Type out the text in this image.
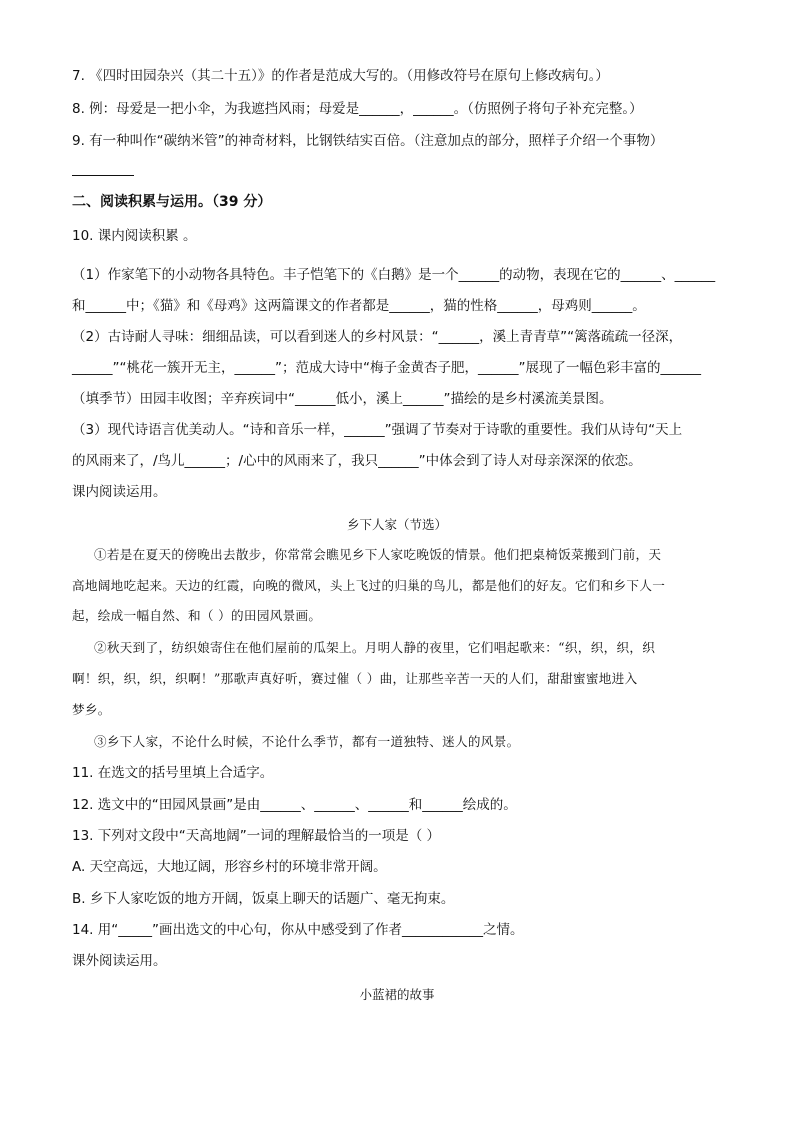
7. 《四时田园杂兴（其二十五）》的作者是范成大写的。（用修改符号在原句上修改病句。）
8. 例：母爱是一把小伞，为我遮挡风雨；母爱是______，______。（仿照例子将句子补充完整。）
9. 有一种叫作“碳纳米管”的神奇材料，比钢铁结实百倍。（注意加点的部分，照样子介绍一个事物）
二、阅读积累与运用。（39 分）
10. 课内阅读积累 。
（1）作家笔下的小动物各具特色。丰子恺笔下的《白鹅》是一个______的动物，表现在它的______、______
和______中；《猫》和《母鸡》这两篇课文的作者都是______，猫的性格______，母鸡则______。
（2）古诗耐人寻味：细细品读，可以看到迷人的乡村风景：“______，溪上青青草”“篱落疏疏一径深，
______”“桃花一簇开无主，______”；范成大诗中“梅子金黄杏子肥，______”展现了一幅色彩丰富的______
（填季节）田园丰收图；辛弃疾词中“______低小，溪上______”描绘的是乡村溪流美景图。
（3）现代诗语言优美动人。“诗和音乐一样，______”强调了节奏对于诗歌的重要性。我们从诗句“天上
的风雨来了，/鸟儿______；/心中的风雨来了，我只______”中体会到了诗人对母亲深深的依恋。
课内阅读运用。
乡下人家（节选）
①若是在夏天的傍晚出去散步，你常常会瞧见乡下人家吃晚饭的情景。他们把桌椅饭菜搬到门前，天
高地阔地吃起来。天边的红霞，向晚的微风，头上飞过的归巢的鸟儿，都是他们的好友。它们和乡下人一
起，绘成一幅自然、和（ ）的田园风景画。
②秋天到了，纺织娘寄住在他们屋前的瓜架上。月明人静的夜里，它们唱起歌来：“织，织，织，织
啊！织，织，织，织啊！”那歌声真好听，赛过催（ ）曲，让那些辛苦一天的人们，甜甜蜜蜜地进入
梦乡。
③乡下人家，不论什么时候，不论什么季节，都有一道独特、迷人的风景。
11. 在选文的括号里填上合适字。
12. 选文中的“田园风景画”是由______、______、______和______绘成的。
13. 下列对文段中“天高地阔”一词的理解最恰当的一项是（ ）
A. 天空高远，大地辽阔，形容乡村的环境非常开阔。
B. 乡下人家吃饭的地方开阔，饭桌上聊天的话题广、毫无拘束。
14. 用“_____”画出选文的中心句，你从中感受到了作者____________之情。
课外阅读运用。
小蓝裙的故事
